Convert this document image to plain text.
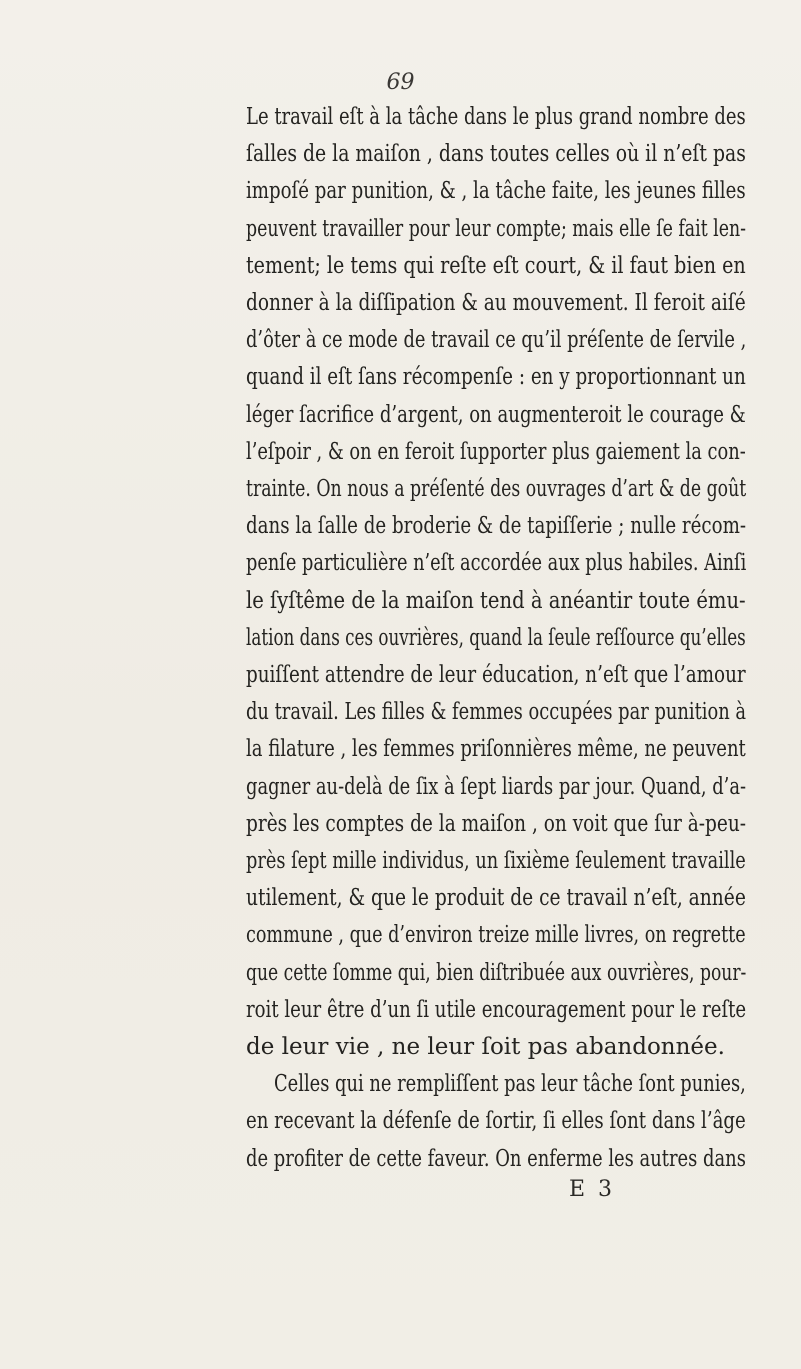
69
Le travail eſt à la tâche dans le plus grand nombre des
ſalles de la maiſon , dans toutes celles où il n’eſt pas
impoſé par punition, & , la tâche faite, les jeunes filles
peuvent travailler pour leur compte; mais elle ſe fait len-
tement; le tems qui reſte eſt court, & il faut bien en
donner à la diſſipation & au mouvement. Il feroit aiſé
d’ôter à ce mode de travail ce qu’il préſente de ſervile ,
quand il eſt ſans récompenſe : en y proportionnant un
léger ſacrifice d’argent, on augmenteroit le courage &
l’eſpoir , & on en feroit ſupporter plus gaiement la con-
trainte. On nous a préſenté des ouvrages d’art & de goût
dans la ſalle de broderie & de tapiſſerie ; nulle récom-
penſe particulière n’eſt accordée aux plus habiles. Ainſi
le ſyſtême de la maiſon tend à anéantir toute ému-
lation dans ces ouvrières, quand la ſeule reſſource qu’elles
puiſſent attendre de leur éducation, n’eſt que l’amour
du travail. Les filles & femmes occupées par punition à
la filature , les femmes priſonnières même, ne peuvent
gagner au-delà de ſix à ſept liards par jour. Quand, d’a-
près les comptes de la maiſon , on voit que ſur à-peu-
près ſept mille individus, un ſixième ſeulement travaille
utilement, & que le produit de ce travail n’eſt, année
commune , que d’environ treize mille livres, on regrette
que cette ſomme qui, bien diſtribuée aux ouvrières, pour-
roit leur être d’un ſi utile encouragement pour le reſte
de leur vie , ne leur ſoit pas abandonnée.
Celles qui ne rempliſſent pas leur tâche ſont punies,
en recevant la défenſe de ſortir, ſi elles ſont dans l’âge
de profiter de cette faveur. On enferme les autres dans
E 3
